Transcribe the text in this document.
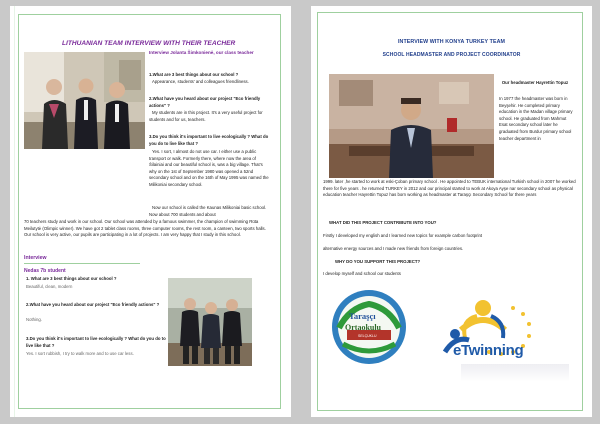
LITHUANIAN TEAM INTERVIEW WITH THEIR TEACHER
Interview Jolanta Šimkonienė, our class teacher
1.What are 3 best things about our school ?
Appearance, students' and colleagues friendliness.
2.What have you heard about our project "Eco friendly actions" ?
My students are in this project. It's a very useful project for students and for us, teachers.
3.Do you think it's important to live ecologically ? What do you do to live like that ?
Yes. I sort, I almost do not use car. I either use a public transport or walk. Formerly there, where now the area of Šilainiai and our beautiful school is, was a big village. That's why on the 1st of September 1980 was opened a 52nd secondary school and on the 16th of May 1995 was named the Milikoniai secondary school.
Now our school is called the Kaunas Milikoniai basic school. Now about 700 students and about
70 teachers study and work in our school. Our school was attended by a famous swimmer, the champion of swimming Rūta Meilutytė (Olimpic winner). We have got 2 tablet class rooms, three computer rooms, the rest room, a canteen, two sports halls. Our school is very active, our pupils are participating in a lot of projects. I am very happy that I study in this school.
Interview
Nedas 7b student
1. What are 3 best things about our school ?
Beautiful, clean, modern
2.What have you heard about our project "Eco friendly actions" ?
Nothing.
3.Do you think it's important to live ecologically ? What do you do to live like that ?
Yes. I sort rubbish, I try to walk more and to use car less.
INTERVIEW WITH KONYA TURKEY TEAM
SCHOOL HEADMASTER AND PROJECT COORDINATOR
Our headmaster Hayrettin Topuz
In 1977 the headmaster was born in Beyşehir. He completed primary education in the Madan village primary school. He graduated from Mahmut Esat secondary school later he graduated from Burdur primary school teacher department in
1999. later ,he started to work at eski-Çoban primary school . He appointed to TEBUK international Turkish school in 2007 he worked there for five years . he returned TURKEY in 2012 and our principal started to work at Akoya Ayşe nar secondary school as physical education teacher Hayrettin Topuz has born working as headmaster at Taraşçı Secondary School for there years
WHAT DID THIS PROJECT CONTRIBUTE INTO YOU?
Firstly I developed my english and I learned new topics for example carbon footprint
alternative energy sources and I made new friends from foreign countries.
WHY DO YOU SUPPORT THIS PROJECT?
I develop myself and school our students
Taraşçı
Ortaokulu
SELÇUKLU
eTwinning
